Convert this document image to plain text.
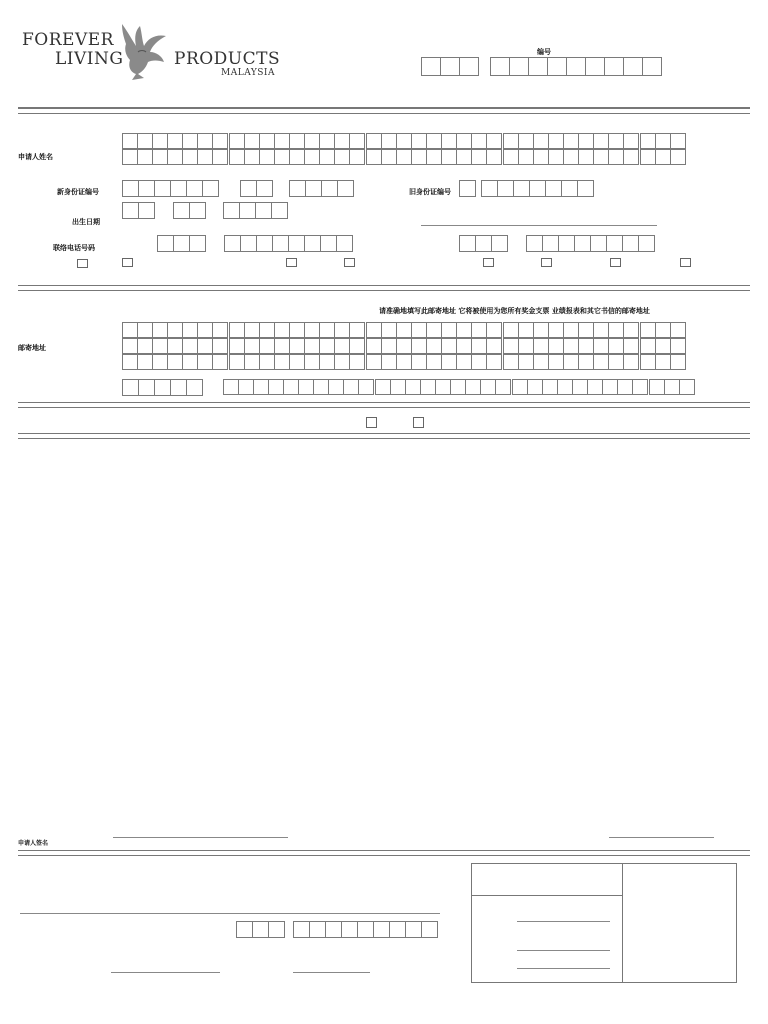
FOREVER
LIVING	PRODUCTS
MALAYSIA
编号
申请人姓名
新身份证编号	旧身份证编号
出生日期
联络电话号码
请准确地填写此邮寄地址 它将被使用为您所有奖金支票 业绩报表和其它书信的邮寄地址
邮寄地址
申请人签名
